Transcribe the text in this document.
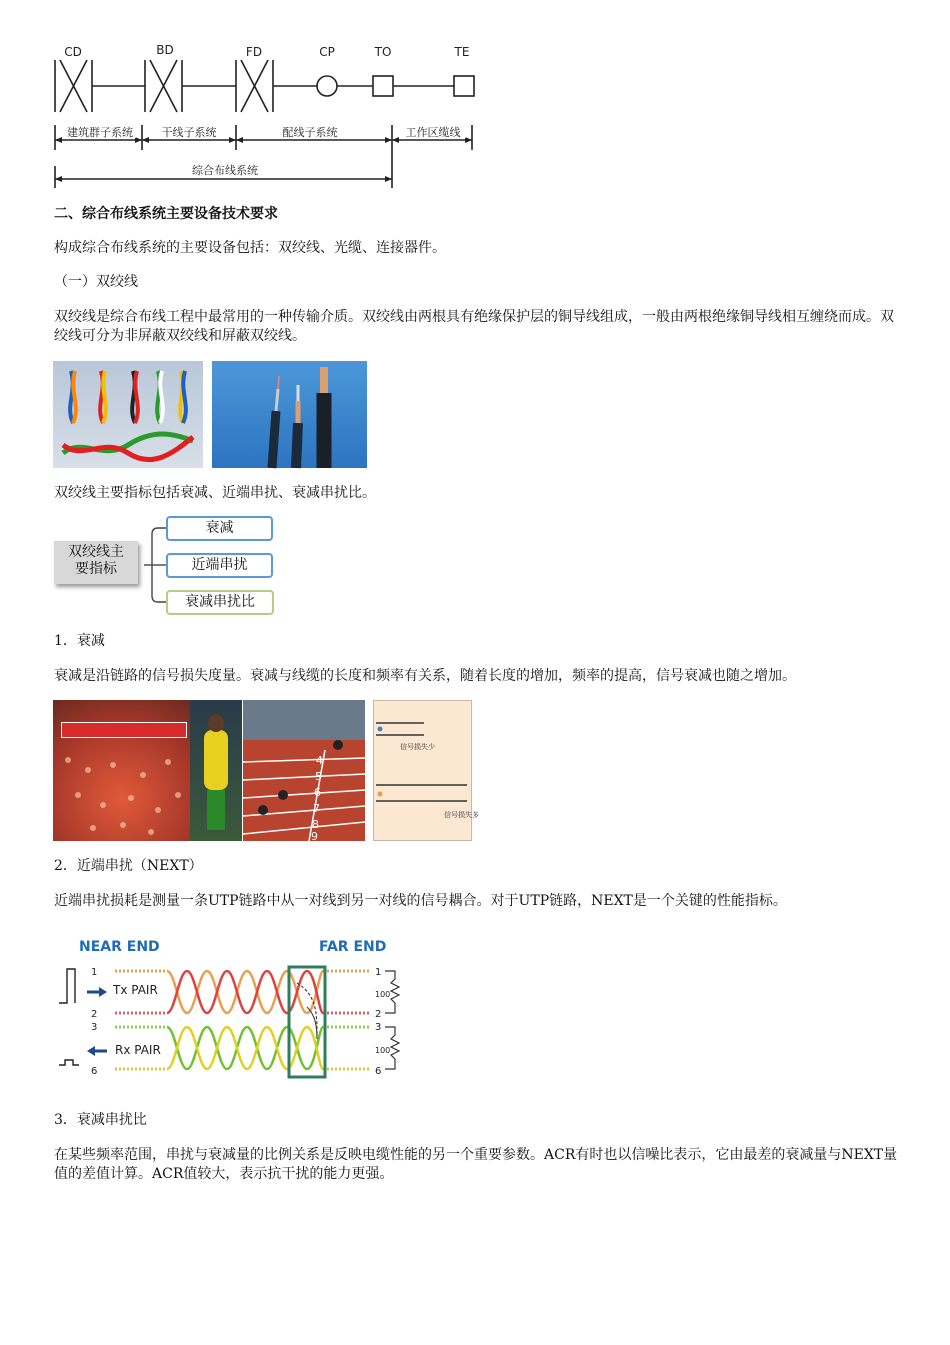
CD	BD	FD	CP	TO	TE
建筑群子系统	干线子系统	配线子系统	工作区缆线
综合布线系统

二、综合布线系统主要设备技术要求

构成综合布线系统的主要设备包括：双绞线、光缆、连接器件。

（一）双绞线

双绞线是综合布线工程中最常用的一种传输介质。双绞线由两根具有绝缘保护层的铜导线组成，一般由两根绝缘铜导线相互缠绕而成。双绞线可分为非屏蔽双绞线和屏蔽双绞线。

双绞线主要指标包括衰减、近端串扰、衰减串扰比。

双绞线主要指标
衰减
近端串扰
衰减串扰比

1．衰减

衰减是沿链路的信号损失度量。衰减与线缆的长度和频率有关系，随着长度的增加，频率的提高，信号衰减也随之增加。

4
5
6
7
8
9
信号损失少
信号损失多

2．近端串扰（NEXT）

近端串扰损耗是测量一条UTP链路中从一对线到另一对线的信号耦合。对于UTP链路，NEXT是一个关键的性能指标。

NEAR END	FAR END
Tx PAIR
Rx PAIR
1
2
3
6
1
2
3
6
100
100

3．衰减串扰比

在某些频率范围，串扰与衰减量的比例关系是反映电缆性能的另一个重要参数。ACR有时也以信噪比表示，它由最差的衰减量与NEXT量值的差值计算。ACR值较大，表示抗干扰的能力更强。
